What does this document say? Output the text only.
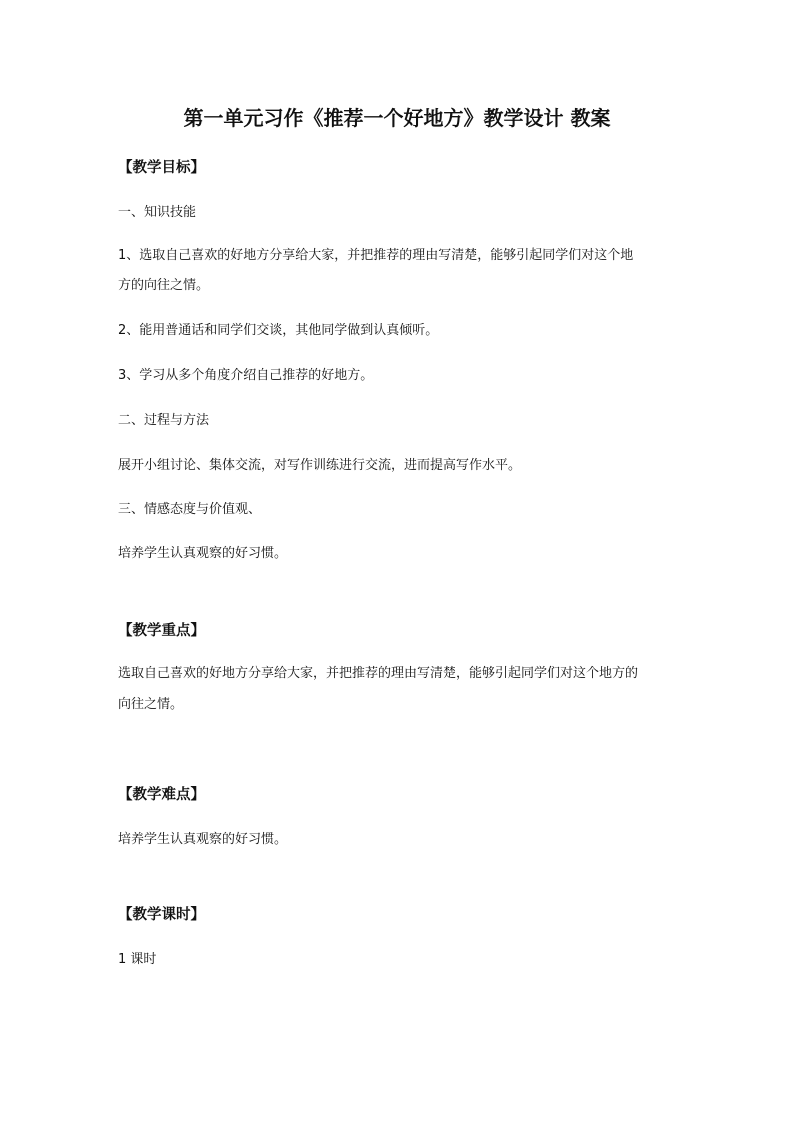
第一单元习作《推荐一个好地方》教学设计 教案
【教学目标】
一、知识技能
1、选取自己喜欢的好地方分享给大家，并把推荐的理由写清楚，能够引起同学们对这个地
方的向往之情。
2、能用普通话和同学们交谈，其他同学做到认真倾听。
3、学习从多个角度介绍自己推荐的好地方。
二、过程与方法
展开小组讨论、集体交流，对写作训练进行交流，进而提高写作水平。
三、情感态度与价值观、
培养学生认真观察的好习惯。
【教学重点】
选取自己喜欢的好地方分享给大家，并把推荐的理由写清楚，能够引起同学们对这个地方的
向往之情。
【教学难点】
培养学生认真观察的好习惯。
【教学课时】
1 课时
